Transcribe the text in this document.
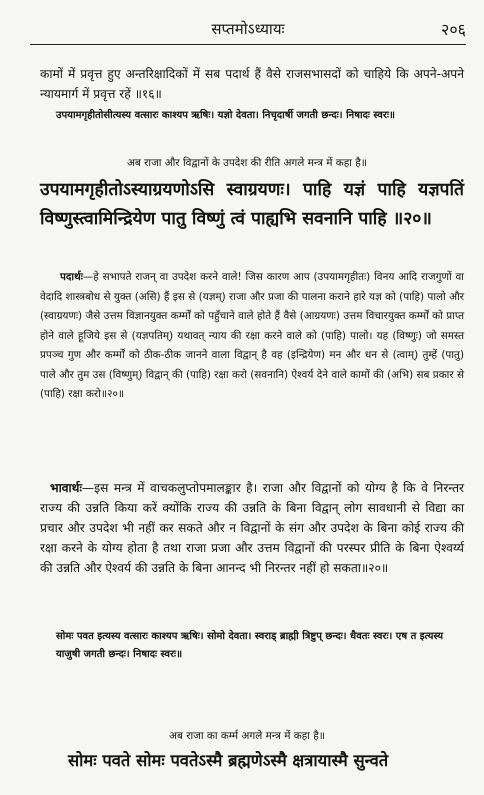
सप्तमोऽध्यायः	२०६

कामों में प्रवृत्त हुए अन्तरिक्षादिकों में सब पदार्थ हैं वैसे राजसभासदों को चाहिये कि अपने-अपने न्यायमार्ग में प्रवृत्त रहें ॥१६॥

उपयामगृहीतोसीत्यस्य वत्सारः काश्यप ऋषिः। यज्ञो देवता। निचृदार्षी जगती छन्दः। निषादः स्वरः॥

अब राजा और विद्वानों के उपदेश की रीति अगले मन्त्र में कहा है॥

उपयामगृहीतोऽस्याग्रयणोऽसि स्वाग्रयणः। पाहि यज्ञं पाहि यज्ञपतिं विष्णुस्त्वामिन्द्रियेण पातु विष्णुं त्वं पाह्यभि सवनानि पाहि ॥२०॥

पदार्थः—हे सभापते राजन् वा उपदेश करने वाले! जिस कारण आप (उपयामगृहीतः) विनय आदि राजगुणों वा वेदादि शास्त्रबोध से युक्त (असि) हैं इस से (यज्ञम्) राजा और प्रजा की पालना कराने हारे यज्ञ को (पाहि) पालो और (स्वाग्रयणः) जैसे उत्तम विज्ञानयुक्त कर्म्मों को पहुँचाने वाले होते हैं वैसे (आग्रयणः) उत्तम विचारयुक्त कर्म्मों को प्राप्त होने वाले हूजिये इस से (यज्ञपतिम्) यथावत् न्याय की रक्षा करने वाले को (पाहि) पालो। यह (विष्णुः) जो समस्त प्रपञ्च गुण और कर्म्मों को ठीक-ठीक जानने वाला विद्वान् है वह (इन्द्रियेण) मन और धन से (त्वाम्) तुम्हें (पातु) पाले और तुम उस (विष्णुम्) विद्वान् की (पाहि) रक्षा करो (सवनानि) ऐश्वर्य देने वाले कामों की (अभि) सब प्रकार से (पाहि) रक्षा करो॥२०॥

भावार्थः—इस मन्त्र में वाचकलुप्तोपमालङ्कार है। राजा और विद्वानों को योग्य है कि वे निरन्तर राज्य की उन्नति किया करें क्योंकि राज्य की उन्नति के बिना विद्वान् लोग सावधानी से विद्या का प्रचार और उपदेश भी नहीं कर सकते और न विद्वानों के संग और उपदेश के बिना कोई राज्य की रक्षा करने के योग्य होता है तथा राजा प्रजा और उत्तम विद्वानों की परस्पर प्रीति के बिना ऐश्वर्य्य की उन्नति और ऐश्वर्य की उन्नति के बिना आनन्द भी निरन्तर नहीं हो सकता॥२०॥

सोमः पवत इत्यस्य वत्सारः काश्यप ऋषिः। सोमो देवता। स्वराड् ब्राह्मी त्रिष्टुप् छन्दः। धैवतः स्वरः। एष त इत्यस्य याजुषी जगती छन्दः। निषादः स्वरः॥

अब राजा का कर्म्म अगले मन्त्र में कहा है॥

सोमः पवते सोमः पवतेऽस्मै ब्रह्मणेऽस्मै क्षत्रायास्मै सुन्वते
